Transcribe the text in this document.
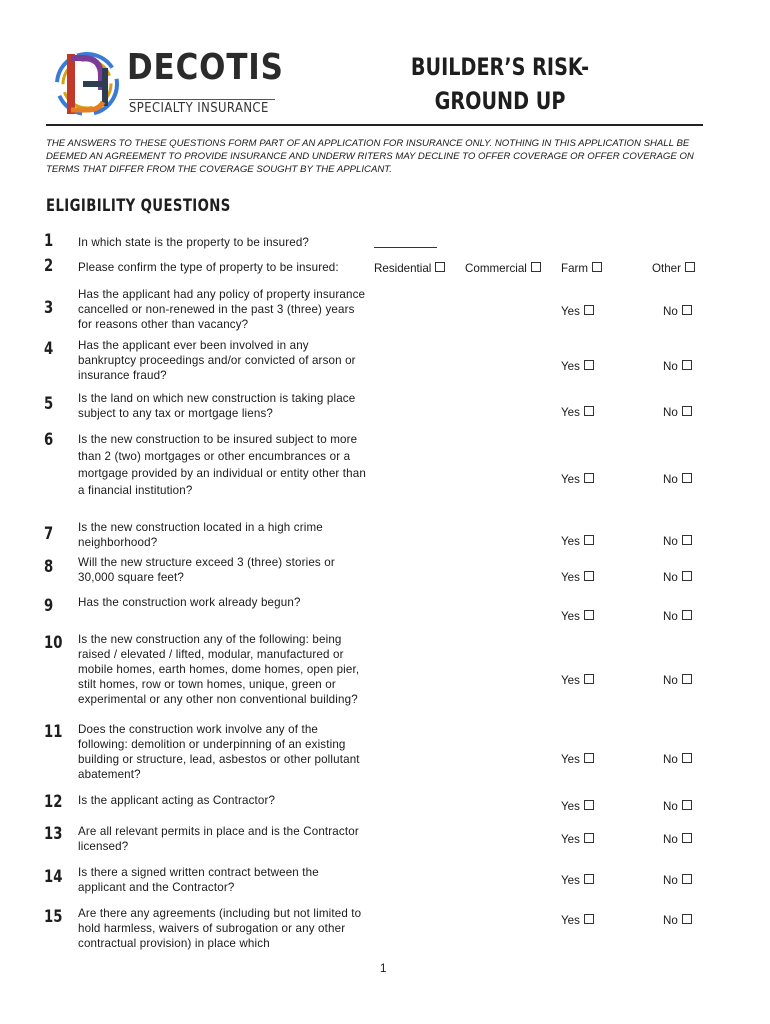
DECOTIS
SPECIALTY INSURANCE
BUILDER’S RISK-
GROUND UP
THE ANSWERS TO THESE QUESTIONS FORM PART OF AN APPLICATION FOR INSURANCE ONLY. NOTHING IN THIS APPLICATION SHALL BE DEEMED AN AGREEMENT TO PROVIDE INSURANCE AND UNDERW RITERS MAY DECLINE TO OFFER COVERAGE OR OFFER COVERAGE ON TERMS THAT DIFFER FROM THE COVERAGE SOUGHT BY THE APPLICANT.
ELIGIBILITY QUESTIONS
1 In which state is the property to be insured?
2 Please confirm the type of property to be insured:	Residential	Commercial	Farm	Other
3
Has the applicant had any policy of property insurance cancelled or non-renewed in the past 3 (three) years for reasons other than vacancy?
Yes	No
4 Has the applicant ever been involved in any bankruptcy proceedings and/or convicted of arson or insurance fraud?
Yes	No
5 Is the land on which new construction is taking place subject to any tax or mortgage liens?	Yes	No
6 Is the new construction to be insured subject to more than 2 (two) mortgages or other encumbrances or a mortgage provided by an individual or entity other than a financial institution?
Yes	No
7 Is the new construction located in a high crime neighborhood?	Yes	No
8 Will the new structure exceed 3 (three) stories or 30,000 square feet?	Yes	No
9 Has the construction work already begun?
Yes	No
10 Is the new construction any of the following: being raised / elevated / lifted, modular, manufactured or mobile homes, earth homes, dome homes, open pier, stilt homes, row or town homes, unique, green or experimental or any other non conventional building?
Yes	No
11 Does the construction work involve any of the following: demolition or underpinning of an existing building or structure, lead, asbestos or other pollutant abatement?
Yes	No
12 Is the applicant acting as Contractor?	Yes	No
13 Are all relevant permits in place and is the Contractor licensed?
Yes	No
14 Is there a signed written contract between the applicant and the Contractor?
Yes	No
15 Are there any agreements (including but not limited to hold harmless, waivers of subrogation or any other contractual provision) in place which
Yes	No
1
